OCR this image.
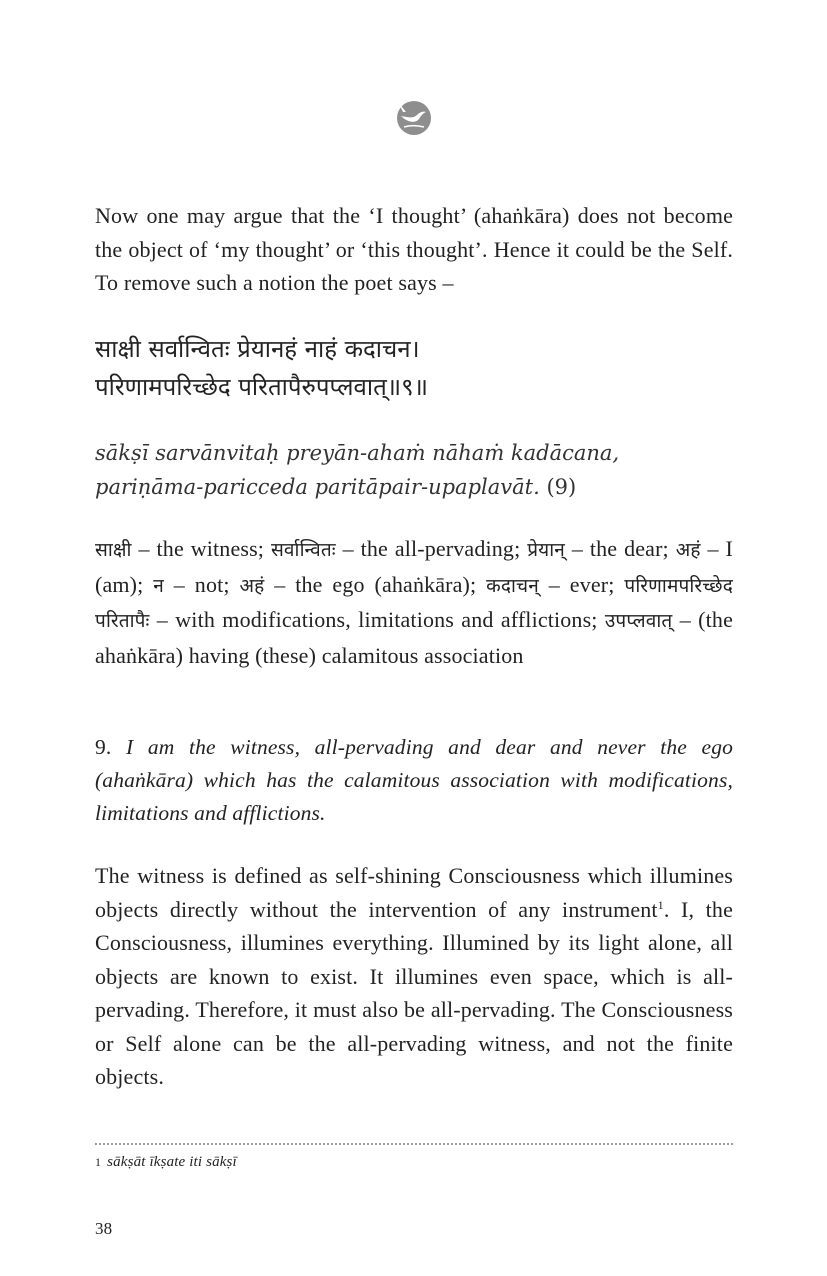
Now one may argue that the ‘I thought’ (ahaṅkāra) does not become the object of ‘my thought’ or ‘this thought’. Hence it could be the Self. To remove such a notion the poet says –

साक्षी सर्वान्वितः प्रेयानहं नाहं कदाचन।
परिणामपरिच्छेद परितापैरुपप्लवात्॥९॥
sākṣī sarvānvitaḥ preyān-ahaṁ nāhaṁ kadācana,
pariṇāma-paricceda paritāpair-upaplavāt. (9)

साक्षी – the witness; सर्वान्वितः – the all-pervading; प्रेयान् – the dear; अहं – I (am); न – not; अहं – the ego (ahaṅkāra); कदाचन् – ever; परिणामपरिच्छेद परितापैः – with modifications, limitations and afflictions; उपप्लवात् – (the ahaṅkāra) having (these) calamitous association

9. I am the witness, all-pervading and dear and never the ego (ahaṅkāra) which has the calamitous association with modifications, limitations and afflictions.

The witness is defined as self-shining Consciousness which illumines objects directly without the intervention of any instrument$^1$. I, the Consciousness, illumines everything. Illumined by its light alone, all objects are known to exist. It illumines even space, which is all-pervading. Therefore, it must also be all-pervading. The Consciousness or Self alone can be the all-pervading witness, and not the finite objects.

$^1$ sākṣāt īkṣate iti sākṣī
38
